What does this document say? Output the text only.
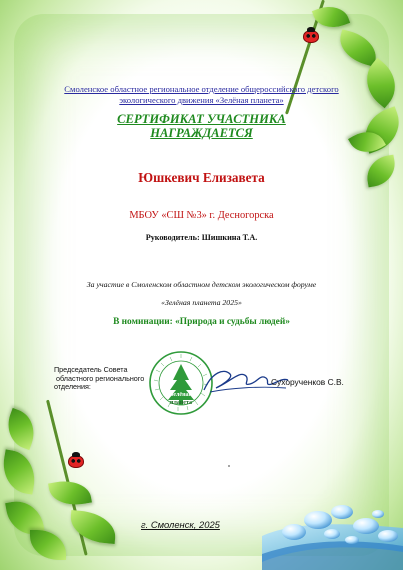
Смоленское областное региональное отделение общероссийского детского экологического движения «Зелёная планета»
СЕРТИФИКАТ УЧАСТНИКА
НАГРАЖДАЕТСЯ
Юшкевич Елизавета
МБОУ «СШ №3» г. Десногорска
Руководитель: Шишкина Т.А.
За участие в Смоленском областном детском экологическом форуме
«Зелёная планета 2025»
В номинации: «Природа и судьбы людей»
Председатель Совета
областного регионального
отделения:
Зелёная
планета
Сухорученков С.В.
г. Смоленск, 2025
